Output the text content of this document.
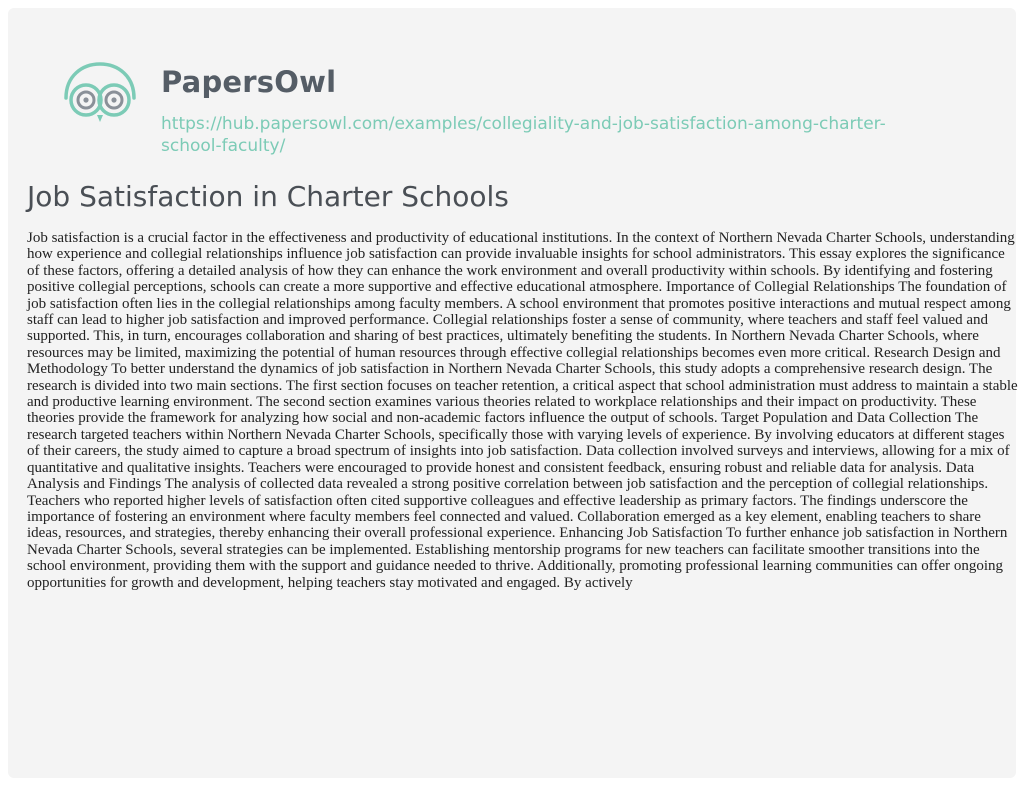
PapersOwl
https://hub.papersowl.com/examples/collegiality-and-job-satisfaction-among-charter-school-faculty/
Job Satisfaction in Charter Schools

Job satisfaction is a crucial factor in the effectiveness and productivity of educational institutions. In the context of Northern Nevada Charter Schools, understanding how experience and collegial relationships influence job satisfaction can provide invaluable insights for school administrators. This essay explores the significance of these factors, offering a detailed analysis of how they can enhance the work environment and overall productivity within schools. By identifying and fostering positive collegial perceptions, schools can create a more supportive and effective educational atmosphere. Importance of Collegial Relationships The foundation of job satisfaction often lies in the collegial relationships among faculty members. A school environment that promotes positive interactions and mutual respect among staff can lead to higher job satisfaction and improved performance. Collegial relationships foster a sense of community, where teachers and staff feel valued and supported. This, in turn, encourages collaboration and sharing of best practices, ultimately benefiting the students. In Northern Nevada Charter Schools, where resources may be limited, maximizing the potential of human resources through effective collegial relationships becomes even more critical. Research Design and Methodology To better understand the dynamics of job satisfaction in Northern Nevada Charter Schools, this study adopts a comprehensive research design. The research is divided into two main sections. The first section focuses on teacher retention, a critical aspect that school administration must address to maintain a stable and productive learning environment. The second section examines various theories related to workplace relationships and their impact on productivity. These theories provide the framework for analyzing how social and non-academic factors influence the output of schools. Target Population and Data Collection The research targeted teachers within Northern Nevada Charter Schools, specifically those with varying levels of experience. By involving educators at different stages of their careers, the study aimed to capture a broad spectrum of insights into job satisfaction. Data collection involved surveys and interviews, allowing for a mix of quantitative and qualitative insights. Teachers were encouraged to provide honest and consistent feedback, ensuring robust and reliable data for analysis. Data Analysis and Findings The analysis of collected data revealed a strong positive correlation between job satisfaction and the perception of collegial relationships. Teachers who reported higher levels of satisfaction often cited supportive colleagues and effective leadership as primary factors. The findings underscore the importance of fostering an environment where faculty members feel connected and valued. Collaboration emerged as a key element, enabling teachers to share ideas, resources, and strategies, thereby enhancing their overall professional experience. Enhancing Job Satisfaction To further enhance job satisfaction in Northern Nevada Charter Schools, several strategies can be implemented. Establishing mentorship programs for new teachers can facilitate smoother transitions into the school environment, providing them with the support and guidance needed to thrive. Additionally, promoting professional learning communities can offer ongoing opportunities for growth and development, helping teachers stay motivated and engaged. By actively
